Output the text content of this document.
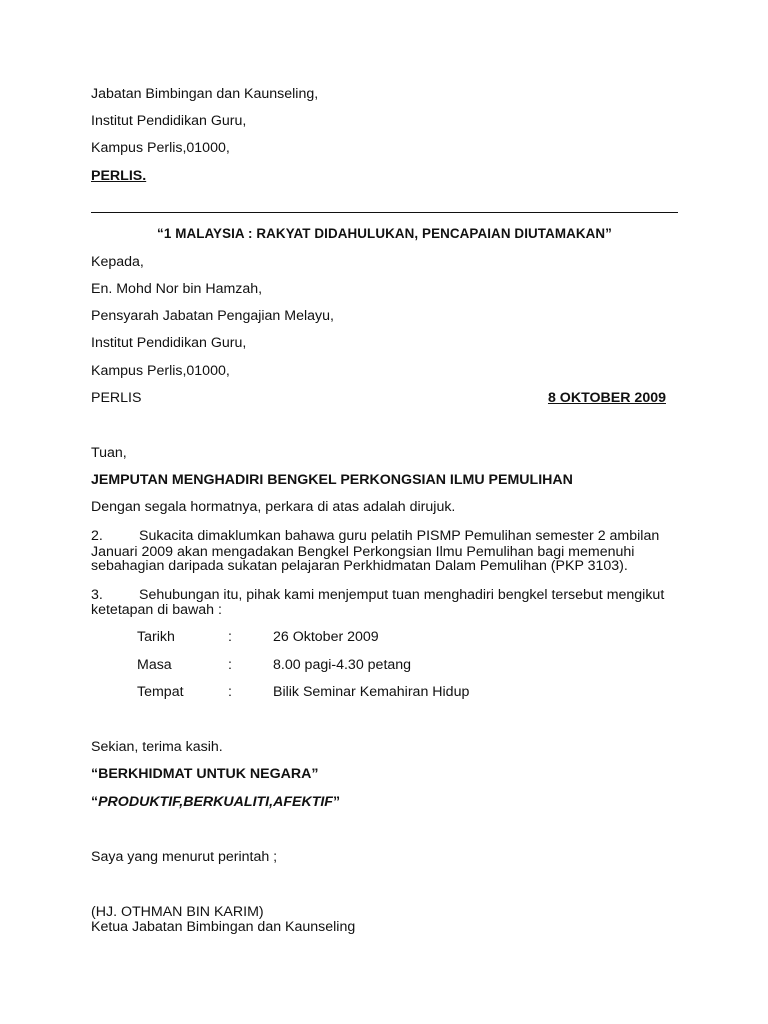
Jabatan Bimbingan dan Kaunseling,
Institut Pendidikan Guru,
Kampus Perlis,01000,
PERLIS.
“1 MALAYSIA : RAKYAT DIDAHULUKAN, PENCAPAIAN DIUTAMAKAN”
Kepada,
En. Mohd Nor bin Hamzah,
Pensyarah Jabatan Pengajian Melayu,
Institut Pendidikan Guru,
Kampus Perlis,01000,
PERLIS	8 OKTOBER 2009
Tuan,
JEMPUTAN MENGHADIRI BENGKEL PERKONGSIAN ILMU PEMULIHAN
Dengan segala hormatnya, perkara di atas adalah dirujuk.
2.	Sukacita dimaklumkan bahawa guru pelatih PISMP Pemulihan semester 2 ambilan
Januari 2009 akan mengadakan Bengkel Perkongsian Ilmu Pemulihan bagi memenuhi
sebahagian daripada sukatan pelajaran Perkhidmatan Dalam Pemulihan (PKP 3103).
3.	Sehubungan itu, pihak kami menjemput tuan menghadiri bengkel tersebut mengikut
ketetapan di bawah :
Tarikh	:	26 Oktober 2009
Masa	:	8.00 pagi-4.30 petang
Tempat	:	Bilik Seminar Kemahiran Hidup
Sekian, terima kasih.
“BERKHIDMAT UNTUK NEGARA”
“PRODUKTIF,BERKUALITI,AFEKTIF”
Saya yang menurut perintah ;
(HJ. OTHMAN BIN KARIM)
Ketua Jabatan Bimbingan dan Kaunseling
